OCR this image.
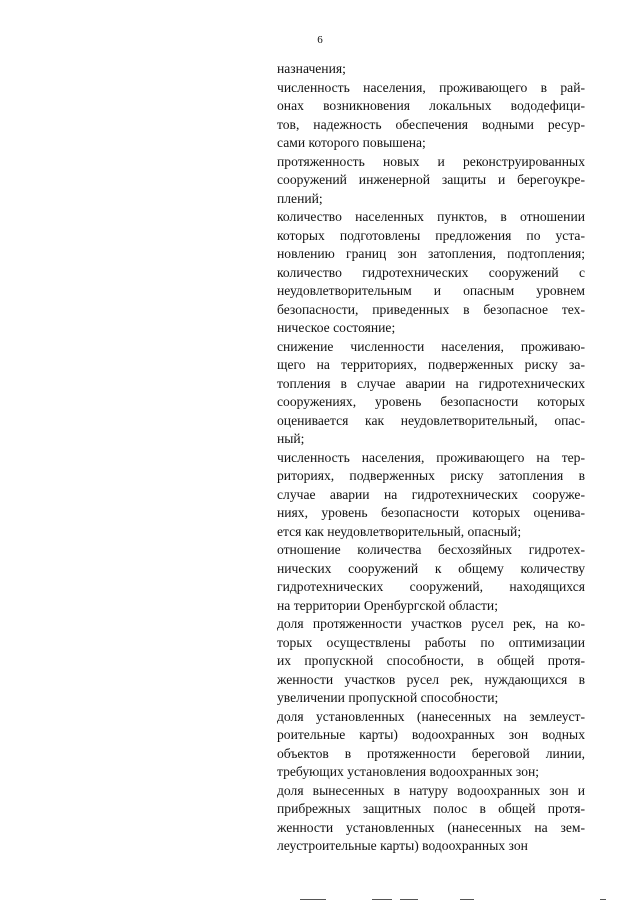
6
назначения;
численность населения, проживающего в рай-
онах возникновения локальных вододефици-
тов, надежность обеспечения водными ресур-
сами которого повышена;
протяженность новых и реконструированных
сооружений инженерной защиты и берегоукре-
плений;
количество населенных пунктов, в отношении
которых подготовлены предложения по уста-
новлению границ зон затопления, подтопления;
количество гидротехнических сооружений с
неудовлетворительным и опасным уровнем
безопасности, приведенных в безопасное тех-
ническое состояние;
снижение численности населения, проживаю-
щего на территориях, подверженных риску за-
топления в случае аварии на гидротехнических
сооружениях, уровень безопасности которых
оценивается как неудовлетворительный, опас-
ный;
численность населения, проживающего на тер-
риториях, подверженных риску затопления в
случае аварии на гидротехнических сооруже-
ниях, уровень безопасности которых оценива-
ется как неудовлетворительный, опасный;
отношение количества бесхозяйных гидротех-
нических сооружений к общему количеству
гидротехнических сооружений, находящихся
на территории Оренбургской области;
доля протяженности участков русел рек, на ко-
торых осуществлены работы по оптимизации
их пропускной способности, в общей протя-
женности участков русел рек, нуждающихся в
увеличении пропускной способности;
доля установленных (нанесенных на землеуст-
роительные карты) водоохранных зон водных
объектов в протяженности береговой линии,
требующих установления водоохранных зон;
доля вынесенных в натуру водоохранных зон и
прибрежных защитных полос в общей протя-
женности установленных (нанесенных на зем-
леустроительные карты) водоохранных зон
